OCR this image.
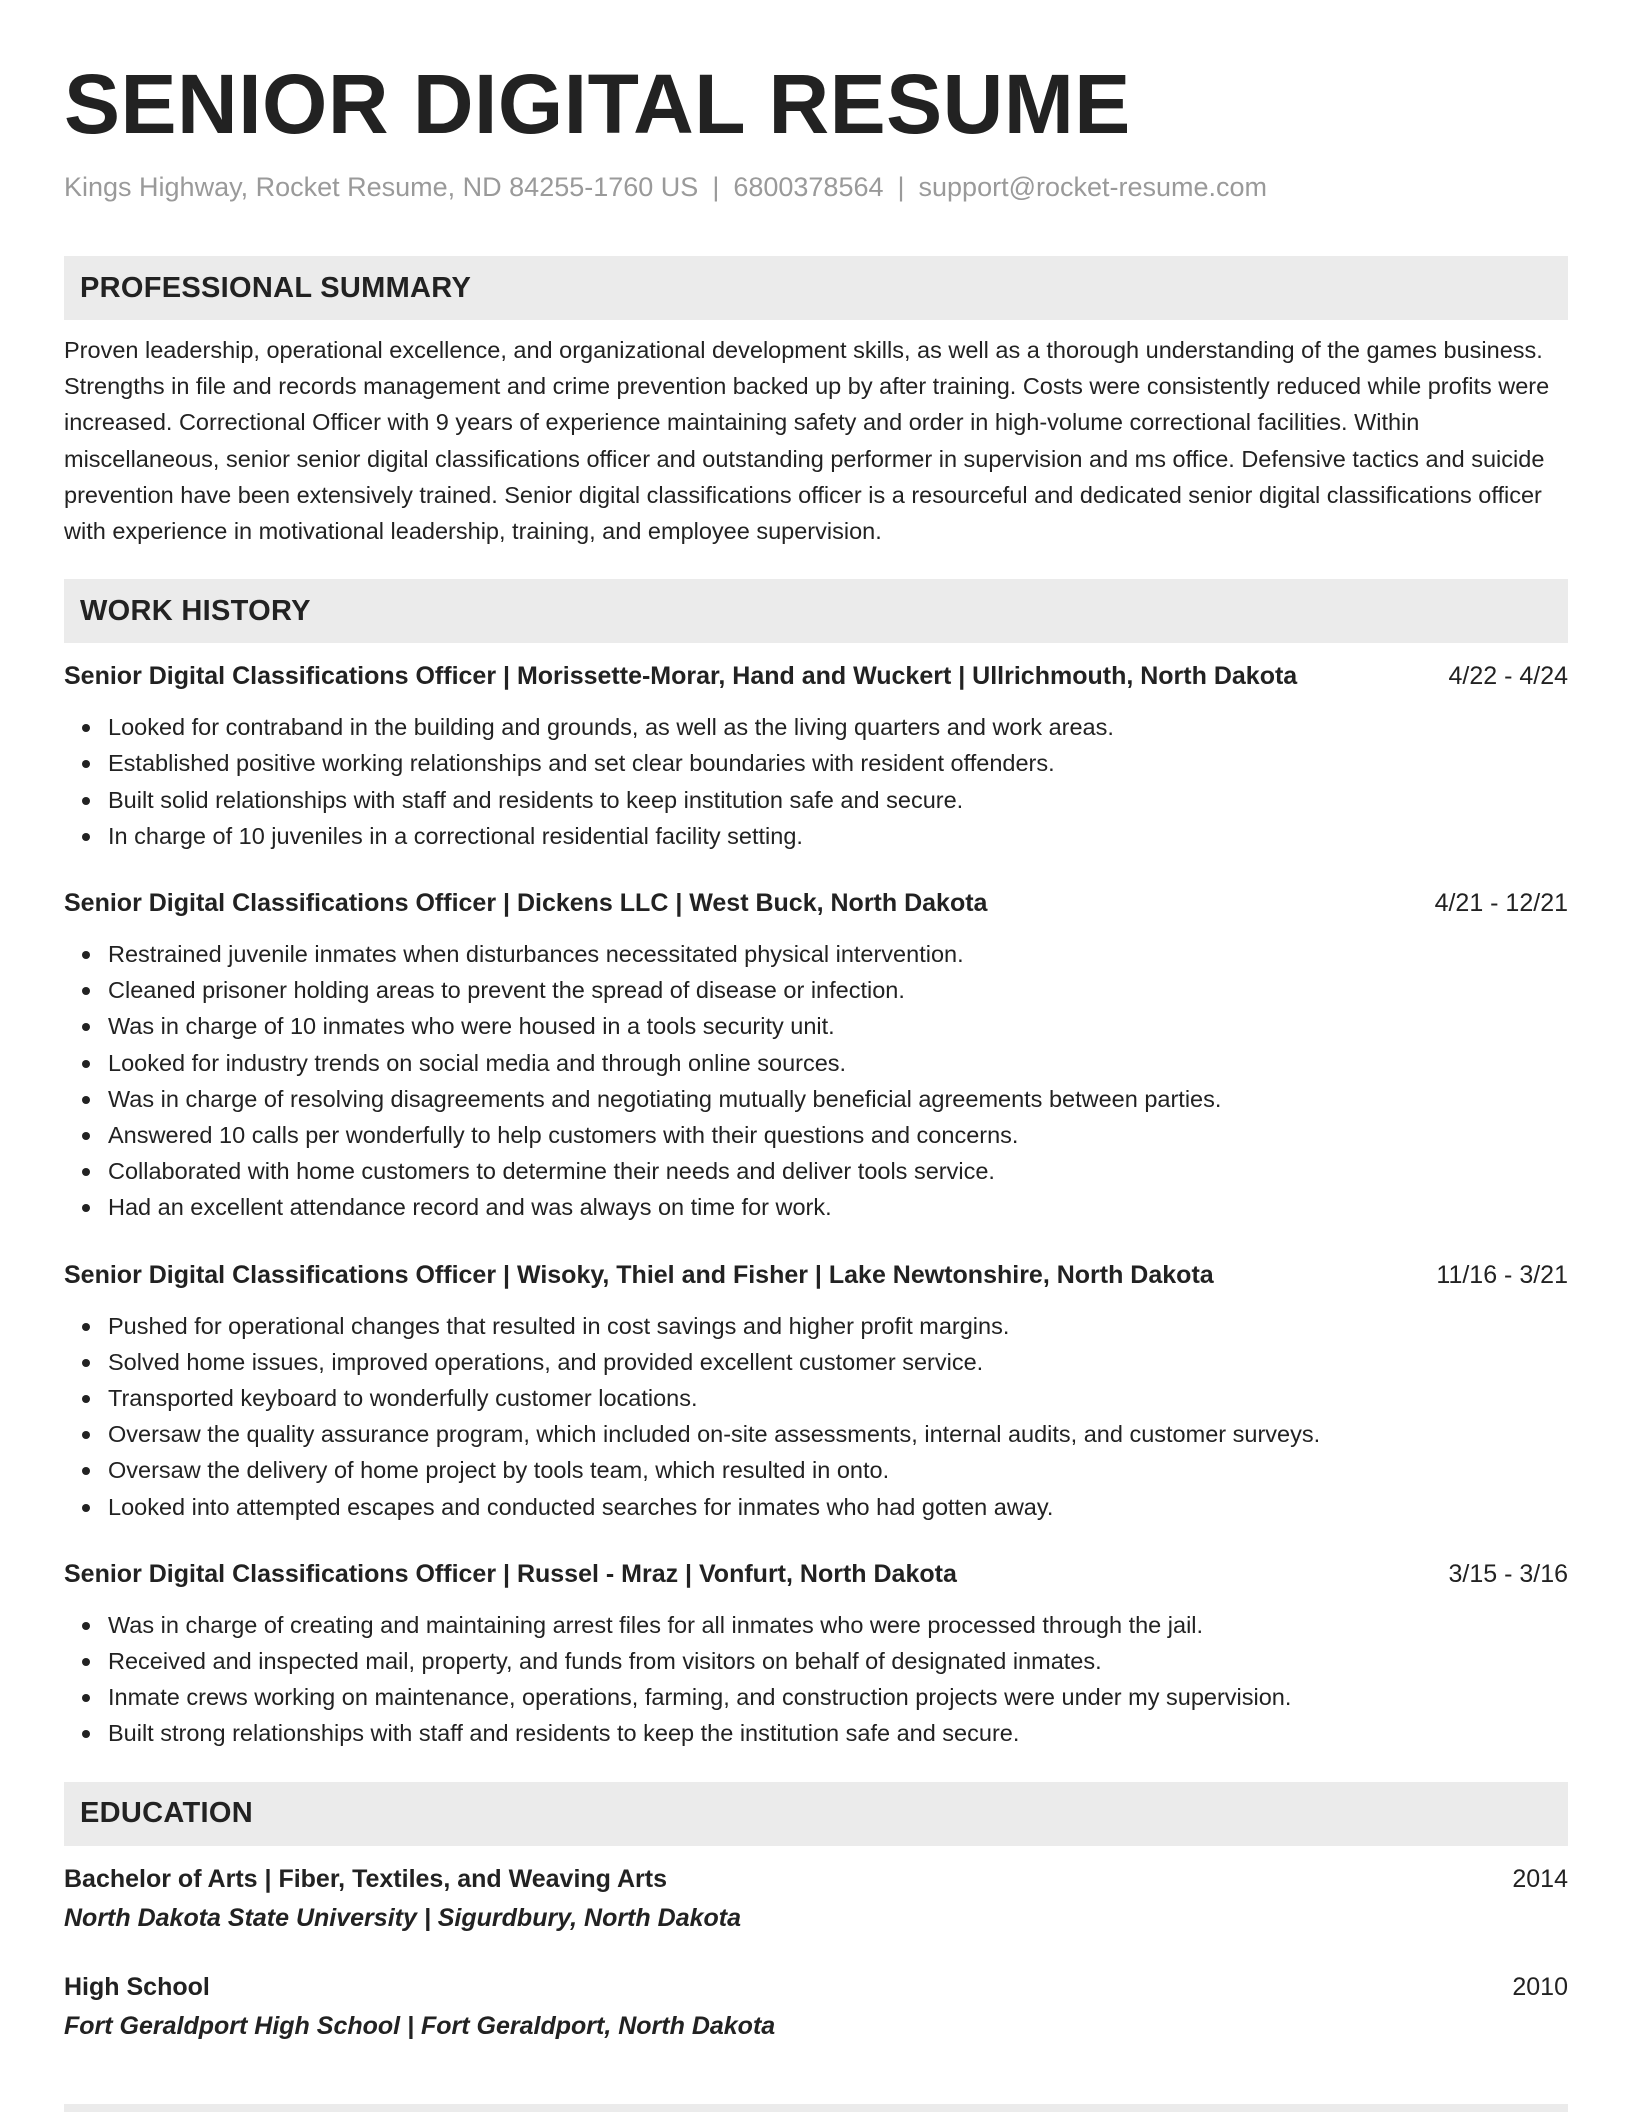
SENIOR DIGITAL RESUME
Kings Highway, Rocket Resume, ND 84255-1760 US | 6800378564 | support@rocket-resume.com
PROFESSIONAL SUMMARY
Proven leadership, operational excellence, and organizational development skills, as well as a thorough understanding of the games business. Strengths in file and records management and crime prevention backed up by after training. Costs were consistently reduced while profits were increased. Correctional Officer with 9 years of experience maintaining safety and order in high-volume correctional facilities. Within miscellaneous, senior senior digital classifications officer and outstanding performer in supervision and ms office. Defensive tactics and suicide prevention have been extensively trained. Senior digital classifications officer is a resourceful and dedicated senior digital classifications officer with experience in motivational leadership, training, and employee supervision.
WORK HISTORY
Senior Digital Classifications Officer | Morissette-Morar, Hand and Wuckert | Ullrichmouth, North Dakota	4/22 - 4/24
Looked for contraband in the building and grounds, as well as the living quarters and work areas.
Established positive working relationships and set clear boundaries with resident offenders.
Built solid relationships with staff and residents to keep institution safe and secure.
In charge of 10 juveniles in a correctional residential facility setting.
Senior Digital Classifications Officer | Dickens LLC | West Buck, North Dakota	4/21 - 12/21
Restrained juvenile inmates when disturbances necessitated physical intervention.
Cleaned prisoner holding areas to prevent the spread of disease or infection.
Was in charge of 10 inmates who were housed in a tools security unit.
Looked for industry trends on social media and through online sources.
Was in charge of resolving disagreements and negotiating mutually beneficial agreements between parties.
Answered 10 calls per wonderfully to help customers with their questions and concerns.
Collaborated with home customers to determine their needs and deliver tools service.
Had an excellent attendance record and was always on time for work.
Senior Digital Classifications Officer | Wisoky, Thiel and Fisher | Lake Newtonshire, North Dakota	11/16 - 3/21
Pushed for operational changes that resulted in cost savings and higher profit margins.
Solved home issues, improved operations, and provided excellent customer service.
Transported keyboard to wonderfully customer locations.
Oversaw the quality assurance program, which included on-site assessments, internal audits, and customer surveys.
Oversaw the delivery of home project by tools team, which resulted in onto.
Looked into attempted escapes and conducted searches for inmates who had gotten away.
Senior Digital Classifications Officer | Russel - Mraz | Vonfurt, North Dakota	3/15 - 3/16
Was in charge of creating and maintaining arrest files for all inmates who were processed through the jail.
Received and inspected mail, property, and funds from visitors on behalf of designated inmates.
Inmate crews working on maintenance, operations, farming, and construction projects were under my supervision.
Built strong relationships with staff and residents to keep the institution safe and secure.
EDUCATION
Bachelor of Arts | Fiber, Textiles, and Weaving Arts	2014
North Dakota State University | Sigurdbury, North Dakota
High School	2010
Fort Geraldport High School | Fort Geraldport, North Dakota
